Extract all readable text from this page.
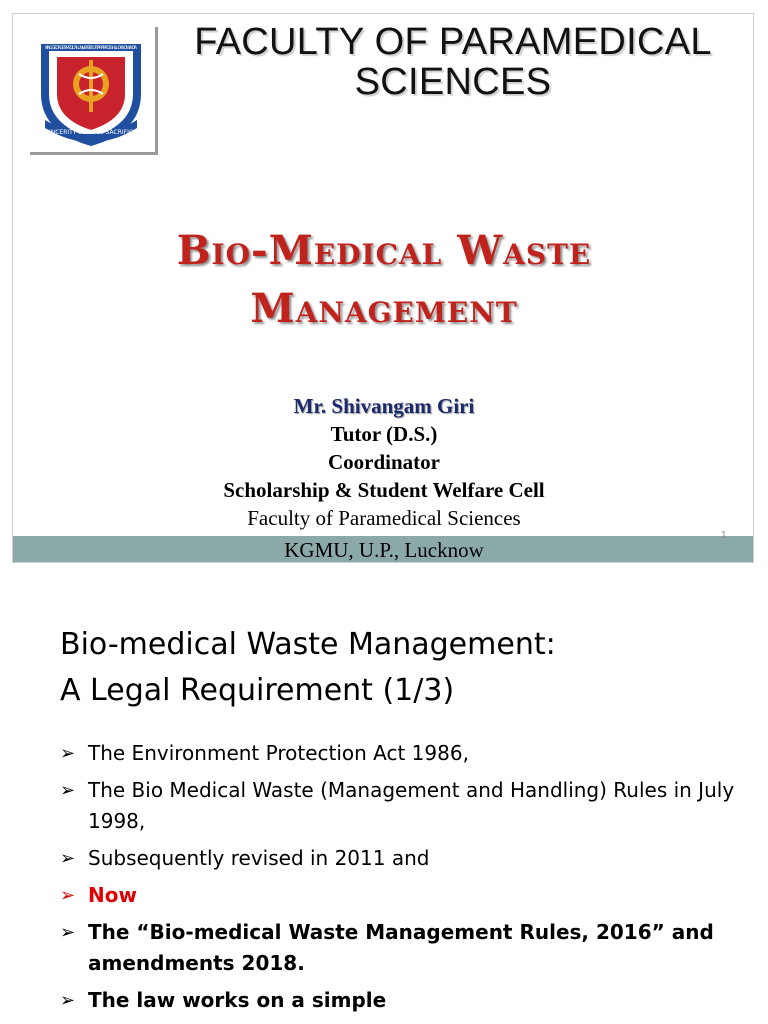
SINCERITY SERVICE SACRIFICE
KING GEORGE'S MEDICAL UNIVERSITY, UTTAR PRADESH, LUCKNOW INDIA	FACULTY OF PARAMEDICAL
SCIENCES
Bio-Medical Waste
Management
Mr. Shivangam Giri
Tutor (D.S.)
Coordinator
Scholarship & Student Welfare Cell
Faculty of Paramedical Sciences
KGMU, U.P., Lucknow
1
Bio-medical Waste Management:
A Legal Requirement (1/3)
➢ The Environment Protection Act 1986,
➢ The Bio Medical Waste (Management and Handling) Rules in July 1998,
➢ Subsequently revised in 2011 and
➢ Now
➢ The “Bio-medical Waste Management Rules, 2016” and amendments 2018.
➢ The law works on a simple
